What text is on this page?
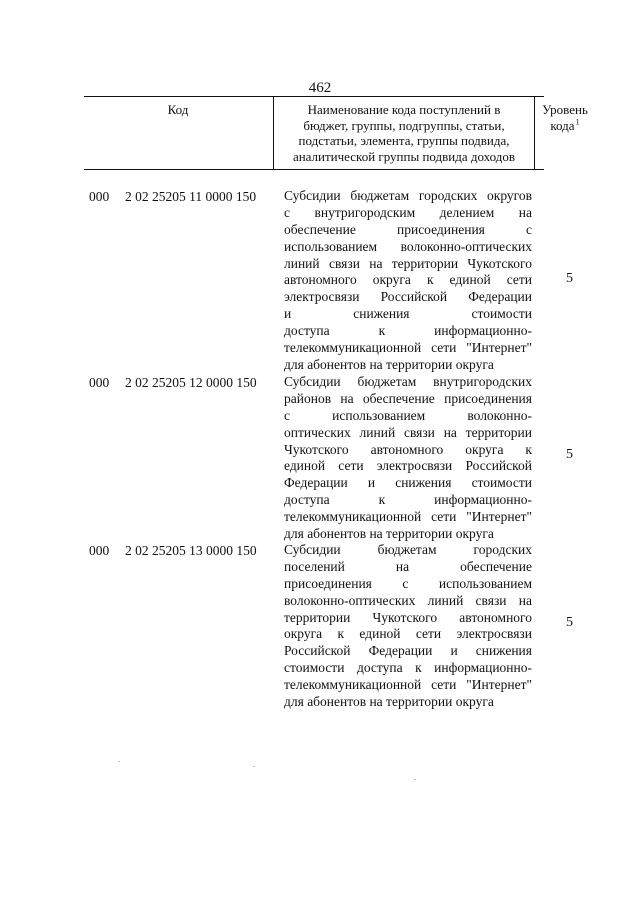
462
Код	Наименование кода поступлений в
бюджет, группы, подгруппы, статьи,
подстатьи, элемента, группы подвида,
аналитической группы подвида доходов
Уровень
кода $^1$
000 2 02 25205 11 0000 150 Субсидии бюджетам городских округов
с внутригородским делением на
обеспечение присоединения с
использованием волоконно-оптических
линий связи на территории Чукотского
автономного округа к единой сети
электросвязи Российской Федерации
и снижения стоимости
доступа к информационно-
телекоммуникационной сети "Интернет"
для абонентов на территории округа
5
000 2 02 25205 12 0000 150 Субсидии бюджетам внутригородских
районов на обеспечение присоединения
с использованием волоконно-
оптических линий связи на территории
Чукотского автономного округа к
единой сети электросвязи Российской
Федерации и снижения стоимости
доступа к информационно-
телекоммуникационной сети "Интернет"
для абонентов на территории округа
5
000 2 02 25205 13 0000 150 Субсидии бюджетам городских
поселений на обеспечение
присоединения с использованием
волоконно-оптических линий связи на
территории Чукотского автономного
округа к единой сети электросвязи
Российской Федерации и снижения
стоимости доступа к информационно-
телекоммуникационной сети "Интернет"
для абонентов на территории округа
5
